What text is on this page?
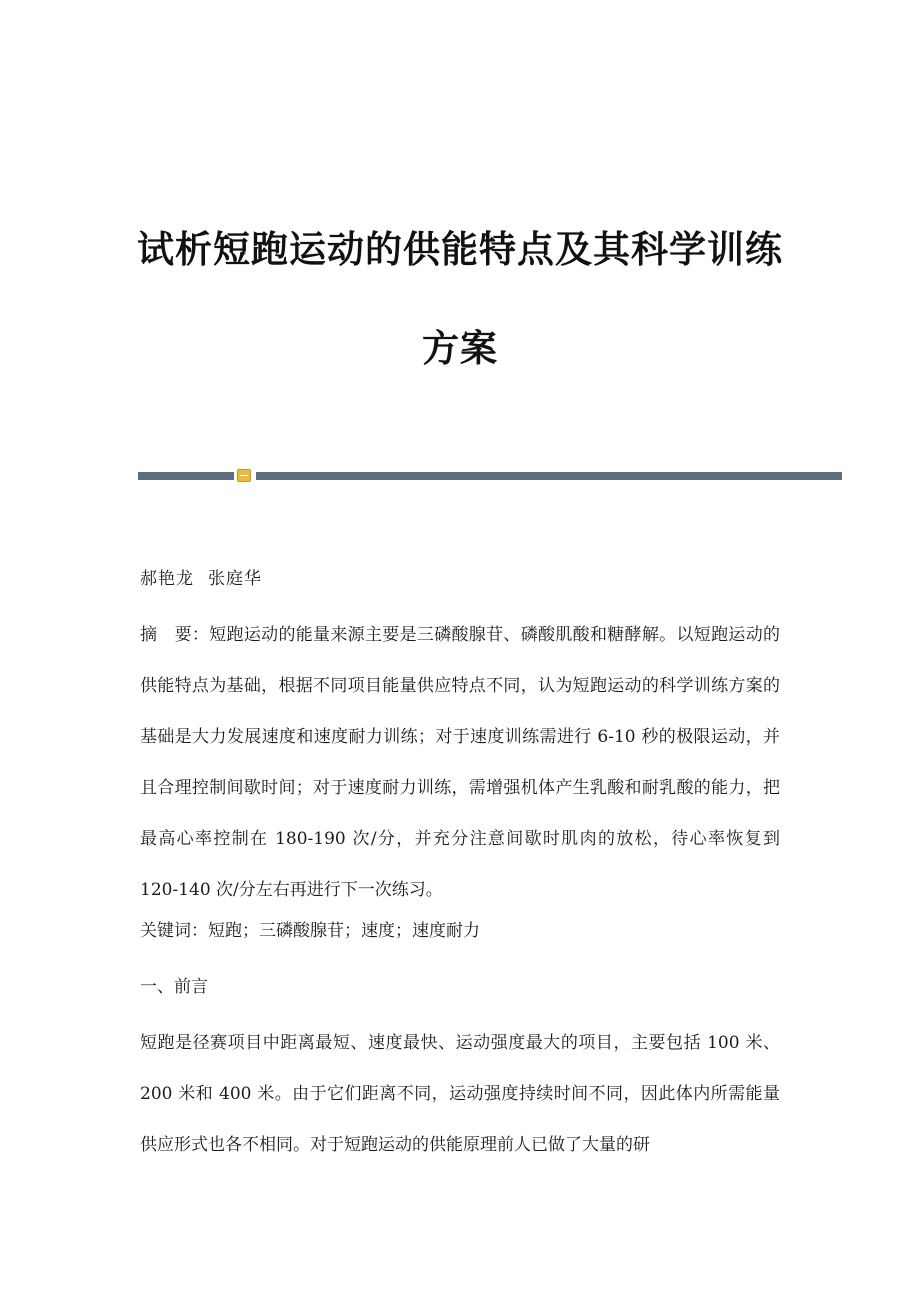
试析短跑运动的供能特点及其科学训练
方案
郝艳龙 张庭华
摘　要：短跑运动的能量来源主要是三磷酸腺苷、磷酸肌酸和糖酵解。以短跑运动的供能特点为基础，根据不同项目能量供应特点不同，认为短跑运动的科学训练方案的基础是大力发展速度和速度耐力训练；对于速度训练需进行 6-10 秒的极限运动，并且合理控制间歇时间；对于速度耐力训练，需增强机体产生乳酸和耐乳酸的能力，把最高心率控制在 180-190 次/分，并充分注意间歇时肌肉的放松，待心率恢复到 120-140 次/分左右再进行下一次练习。
关键词：短跑；三磷酸腺苷；速度；速度耐力
一、前言
短跑是径赛项目中距离最短、速度最快、运动强度最大的项目，主要包括 100 米、200 米和 400 米。由于它们距离不同，运动强度持续时间不同，因此体内所需能量供应形式也各不相同。对于短跑运动的供能原理前人已做了大量的研
